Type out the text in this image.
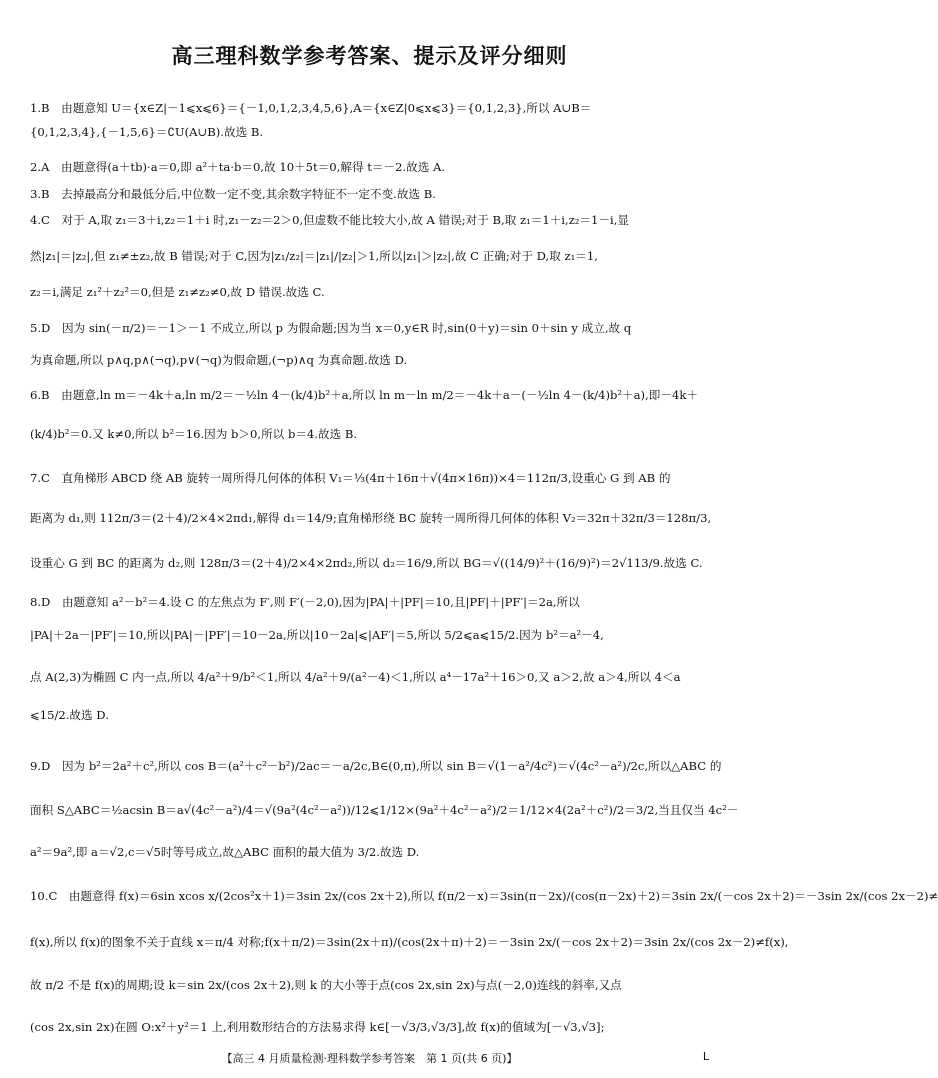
高三理科数学参考答案、提示及评分细则
1.B　由题意知 U＝{x∈Z|－1⩽x⩽6}＝{－1,0,1,2,3,4,5,6},A＝{x∈Z|0⩽x⩽3}＝{0,1,2,3},所以 A∪B＝
{0,1,2,3,4},{－1,5,6}＝∁U(A∪B).故选 B.
2.A　由题意得(a＋tb)·a＝0,即 a²＋ta·b＝0,故 10＋5t＝0,解得 t＝－2.故选 A.
3.B　去掉最高分和最低分后,中位数一定不变,其余数字特征不一定不变.故选 B.
4.C　对于 A,取 z₁＝3＋i,z₂＝1＋i 时,z₁－z₂＝2＞0,但虚数不能比较大小,故 A 错误;对于 B,取 z₁＝1＋i,z₂＝1－i,显
然|z₁|＝|z₂|,但 z₁≠±z₂,故 B 错误;对于 C,因为|z₁/z₂|＝|z₁|/|z₂|＞1,所以|z₁|＞|z₂|,故 C 正确;对于 D,取 z₁＝1,
z₂＝i,满足 z₁²＋z₂²＝0,但是 z₁≠z₂≠0,故 D 错误.故选 C.
5.D　因为 sin(－π/2)＝－1＞－1 不成立,所以 p 为假命题;因为当 x＝0,y∈R 时,sin(0＋y)＝sin 0＋sin y 成立,故 q
为真命题,所以 p∧q,p∧(¬q),p∨(¬q)为假命题,(¬p)∧q 为真命题.故选 D.
6.B　由题意,ln m＝－4k＋a,ln m/2＝－½ln 4－(k/4)b²＋a,所以 ln m－ln m/2＝－4k＋a－(－½ln 4－(k/4)b²＋a),即－4k＋
(k/4)b²＝0.又 k≠0,所以 b²＝16.因为 b＞0,所以 b＝4.故选 B.
7.C　直角梯形 ABCD 绕 AB 旋转一周所得几何体的体积 V₁＝⅓(4π＋16π＋√(4π×16π))×4＝112π/3,设重心 G 到 AB 的
距离为 d₁,则 112π/3＝(2＋4)/2×4×2πd₁,解得 d₁＝14/9;直角梯形绕 BC 旋转一周所得几何体的体积 V₂＝32π＋32π/3＝128π/3,
设重心 G 到 BC 的距离为 d₂,则 128π/3＝(2＋4)/2×4×2πd₂,所以 d₂＝16/9,所以 BG＝√((14/9)²＋(16/9)²)＝2√113/9.故选 C.
8.D　由题意知 a²－b²＝4.设 C 的左焦点为 F′,则 F′(－2,0),因为|PA|＋|PF|＝10,且|PF|＋|PF′|＝2a,所以
|PA|＋2a－|PF′|＝10,所以|PA|－|PF′|＝10－2a,所以|10－2a|⩽|AF′|＝5,所以 5/2⩽a⩽15/2.因为 b²＝a²－4,
点 A(2,3)为椭圆 C 内一点,所以 4/a²＋9/b²＜1,所以 4/a²＋9/(a²－4)＜1,所以 a⁴－17a²＋16＞0,又 a＞2,故 a＞4,所以 4＜a
⩽15/2.故选 D.
9.D　因为 b²＝2a²＋c²,所以 cos B＝(a²＋c²－b²)/2ac＝－a/2c,B∈(0,π),所以 sin B＝√(1－a²/4c²)＝√(4c²－a²)/2c,所以△ABC 的
面积 S△ABC＝½acsin B＝a√(4c²－a²)/4＝√(9a²(4c²－a²))/12⩽1/12×(9a²＋4c²－a²)/2＝1/12×4(2a²＋c²)/2＝3/2,当且仅当 4c²－
a²＝9a²,即 a＝√2,c＝√5时等号成立,故△ABC 面积的最大值为 3/2.故选 D.
10.C　由题意得 f(x)＝6sin xcos x/(2cos²x＋1)＝3sin 2x/(cos 2x＋2),所以 f(π/2－x)＝3sin(π－2x)/(cos(π－2x)＋2)＝3sin 2x/(－cos 2x＋2)＝－3sin 2x/(cos 2x－2)≠
f(x),所以 f(x)的图象不关于直线 x＝π/4 对称;f(x＋π/2)＝3sin(2x＋π)/(cos(2x＋π)＋2)＝－3sin 2x/(－cos 2x＋2)＝3sin 2x/(cos 2x－2)≠f(x),
故 π/2 不是 f(x)的周期;设 k＝sin 2x/(cos 2x＋2),则 k 的大小等于点(cos 2x,sin 2x)与点(－2,0)连线的斜率,又点
(cos 2x,sin 2x)在圆 O:x²＋y²＝1 上,利用数形结合的方法易求得 k∈[－√3/3,√3/3],故 f(x)的值域为[－√3,√3];
【高三 4 月质量检测·理科数学参考答案　第 1 页(共 6 页)】	L
